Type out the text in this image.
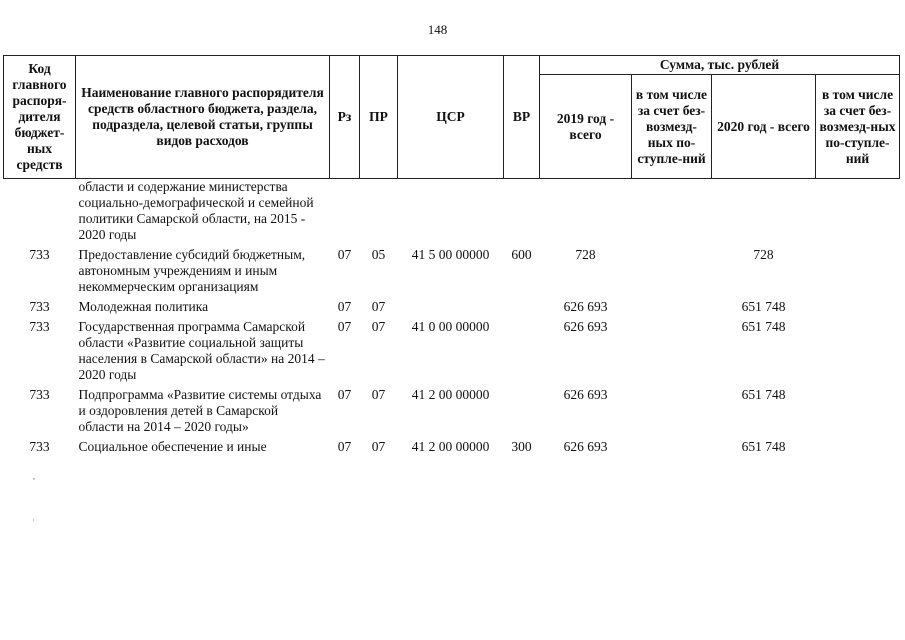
148
Код главного распоря-дителя бюджет-ных средств	Наименование главного распорядителя средств областного бюджета, раздела, подраздела, целевой статьи, группы видов расходов	Рз	ПР	ЦСР	ВР	Сумма, тыс. рублей			
						2019 год - всего	в том числе за счет без-возмезд-ных по-ступле-ний	2020 год - всего	в том числе за счет без-возмезд-ных по-ступле-ний
	области и содержание министерства социально-демографической и семейной политики Самарской области, на 2015 - 2020 годы								

733	Предоставление субсидий бюджетным, автономным учреждениям и иным некоммерческим организациям	07	05	41 5 00 00000	600	728		728	

733	Молодежная политика	07	07			626 693		651 748	

733	Государственная программа Самарской области «Развитие социальной защиты населения в Самарской области» на 2014 – 2020 годы	07	07	41 0 00 00000		626 693		651 748	

733	Подпрограмма «Развитие системы отдыха и оздоровления детей в Самарской области на 2014 – 2020 годы»	07	07	41 2 00 00000		626 693		651 748	

733	Социальное обеспечение и иные	07	07	41 2 00 00000	300	626 693		651 748	
,
·
